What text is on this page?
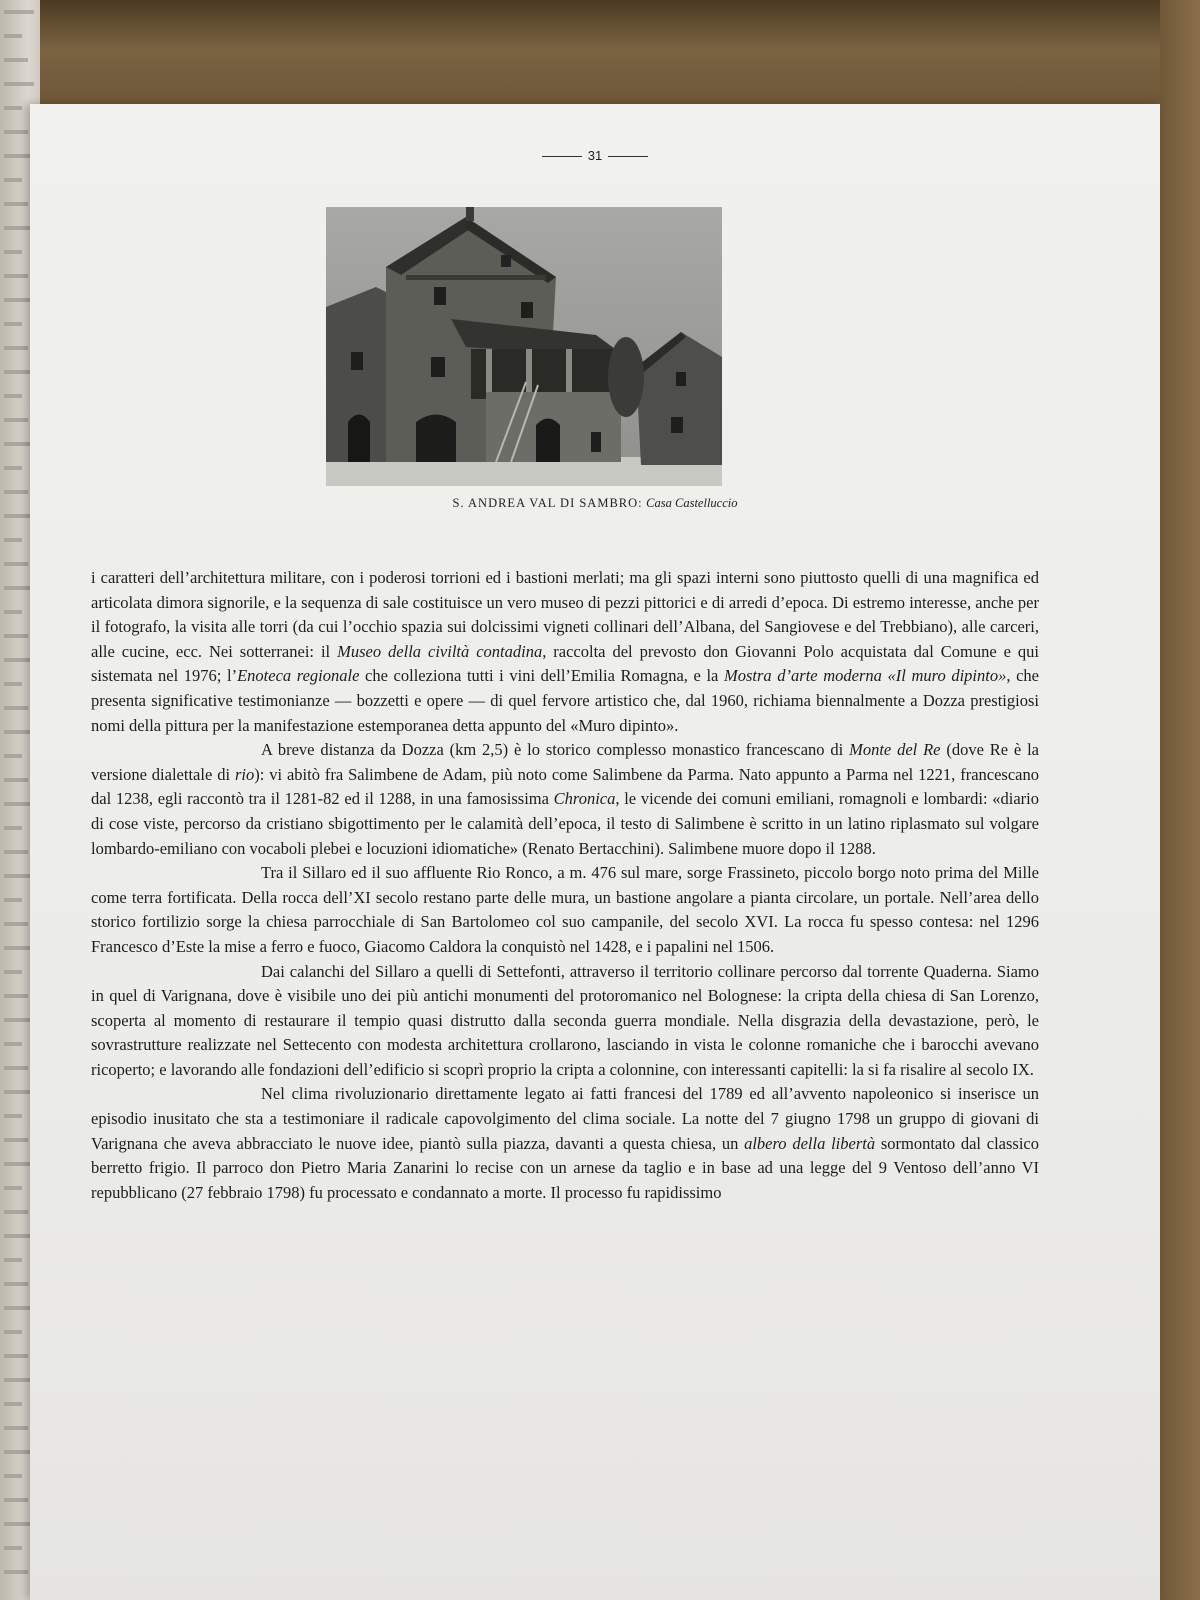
31
S. ANDREA VAL DI SAMBRO: Casa Castelluccio

i caratteri dell’architettura militare, con i poderosi torrioni ed i bastioni merlati; ma gli spazi interni sono piuttosto quelli di una magnifica ed articolata dimora signorile, e la sequenza di sale costituisce un vero museo di pezzi pittorici e di arredi d’epoca. Di estremo interesse, anche per il fotografo, la visita alle torri (da cui l’occhio spazia sui dolcissimi vigneti collinari dell’Albana, del Sangiovese e del Trebbiano), alle carceri, alle cucine, ecc. Nei sotterranei: il Museo della civiltà contadina, raccolta del prevosto don Giovanni Polo acquistata dal Comune e qui sistemata nel 1976; l’Enoteca regionale che colleziona tutti i vini dell’Emilia Romagna, e la Mostra d’arte moderna «Il muro dipinto», che presenta significative testimonianze — bozzetti e opere — di quel fervore artistico che, dal 1960, richiama biennalmente a Dozza prestigiosi nomi della pittura per la manifestazione estemporanea detta appunto del «Muro dipinto».

A breve distanza da Dozza (km 2,5) è lo storico complesso monastico francescano di Monte del Re (dove Re è la versione dialettale di rio): vi abitò fra Salimbene de Adam, più noto come Salimbene da Parma. Nato appunto a Parma nel 1221, francescano dal 1238, egli raccontò tra il 1281-82 ed il 1288, in una famosissima Chronica, le vicende dei comuni emiliani, romagnoli e lombardi: «diario di cose viste, percorso da cristiano sbigottimento per le calamità dell’epoca, il testo di Salimbene è scritto in un latino riplasmato sul volgare lombardo-emiliano con vocaboli plebei e locuzioni idiomatiche» (Renato Bertacchini). Salimbene muore dopo il 1288.

Tra il Sillaro ed il suo affluente Rio Ronco, a m. 476 sul mare, sorge Frassineto, piccolo borgo noto prima del Mille come terra fortificata. Della rocca dell’XI secolo restano parte delle mura, un bastione angolare a pianta circolare, un portale. Nell’area dello storico fortilizio sorge la chiesa parrocchiale di San Bartolomeo col suo campanile, del secolo XVI. La rocca fu spesso contesa: nel 1296 Francesco d’Este la mise a ferro e fuoco, Giacomo Caldora la conquistò nel 1428, e i papalini nel 1506.

Dai calanchi del Sillaro a quelli di Settefonti, attraverso il territorio collinare percorso dal torrente Quaderna. Siamo in quel di Varignana, dove è visibile uno dei più antichi monumenti del protoromanico nel Bolognese: la cripta della chiesa di San Lorenzo, scoperta al momento di restaurare il tempio quasi distrutto dalla seconda guerra mondiale. Nella disgrazia della devastazione, però, le sovrastrutture realizzate nel Settecento con modesta architettura crollarono, lasciando in vista le colonne romaniche che i barocchi avevano ricoperto; e lavorando alle fondazioni dell’edificio si scoprì proprio la cripta a colonnine, con interessanti capitelli: la si fa risalire al secolo IX.

Nel clima rivoluzionario direttamente legato ai fatti francesi del 1789 ed all’avvento napoleonico si inserisce un episodio inusitato che sta a testimoniare il radicale capovolgimento del clima sociale. La notte del 7 giugno 1798 un gruppo di giovani di Varignana che aveva abbracciato le nuove idee, piantò sulla piazza, davanti a questa chiesa, un albero della libertà sormontato dal classico berretto frigio. Il parroco don Pietro Maria Zanarini lo recise con un arnese da taglio e in base ad una legge del 9 Ventoso dell’anno VI repubblicano (27 febbraio 1798) fu processato e condannato a morte. Il processo fu rapidissimo
